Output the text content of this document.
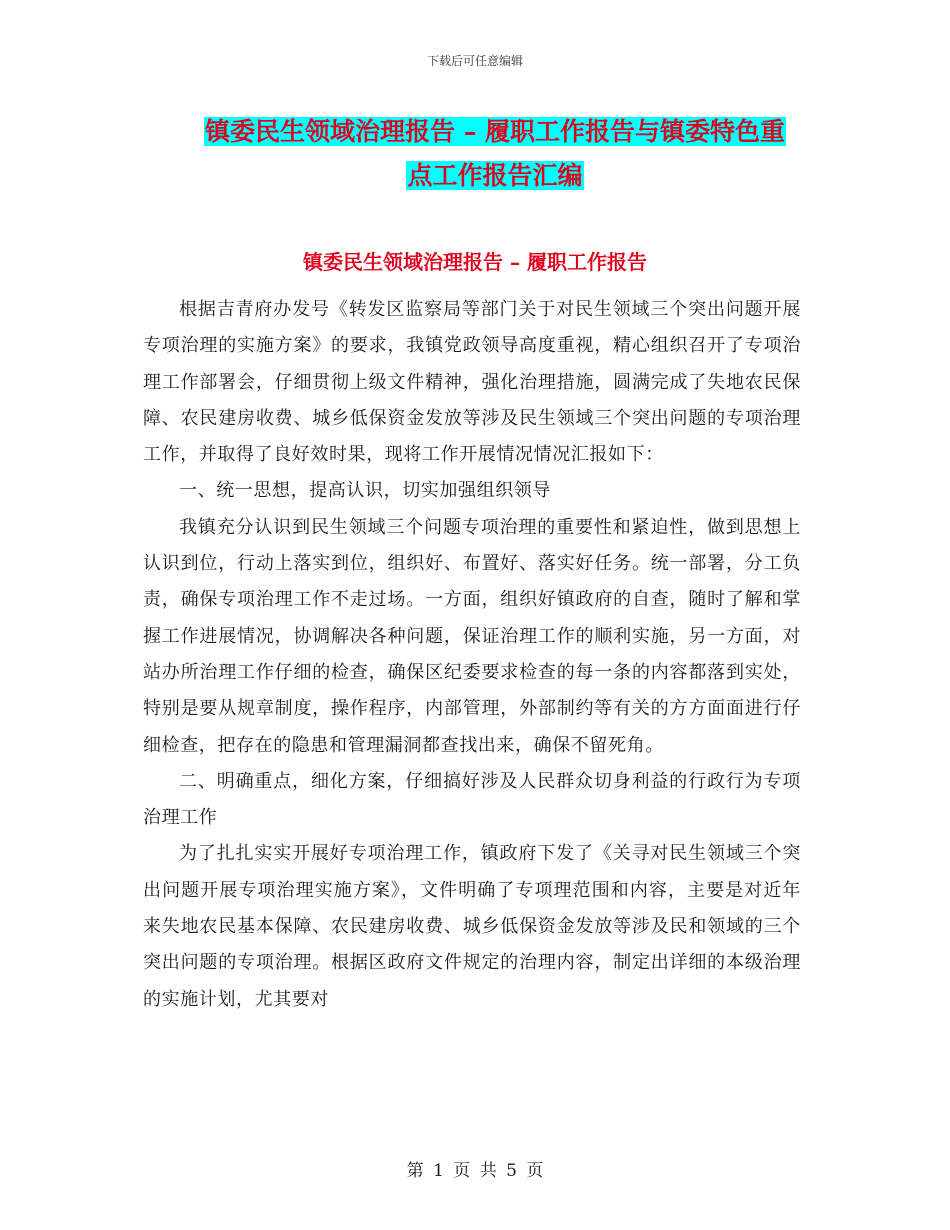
下载后可任意编辑
镇委民生领域治理报告 – 履职工作报告与镇委特色重
点工作报告汇编
镇委民生领域治理报告 – 履职工作报告

根据吉青府办发号《转发区监察局等部门关于对民生领域三个突出问题开展专项治理的实施方案》的要求，我镇党政领导高度重视，精心组织召开了专项治理工作部署会，仔细贯彻上级文件精神，强化治理措施，圆满完成了失地农民保障、农民建房收费、城乡低保资金发放等涉及民生领域三个突出问题的专项治理工作，并取得了良好效时果，现将工作开展情况情况汇报如下：

一、统一思想，提高认识，切实加强组织领导

我镇充分认识到民生领域三个问题专项治理的重要性和紧迫性，做到思想上认识到位，行动上落实到位，组织好、布置好、落实好任务。统一部署，分工负责，确保专项治理工作不走过场。一方面，组织好镇政府的自查，随时了解和掌握工作进展情况，协调解决各种问题，保证治理工作的顺利实施，另一方面，对站办所治理工作仔细的检查，确保区纪委要求检查的每一条的内容都落到实处，特别是要从规章制度，操作程序，内部管理，外部制约等有关的方方面面进行仔细检查，把存在的隐患和管理漏洞都查找出来，确保不留死角。

二、明确重点，细化方案，仔细搞好涉及人民群众切身利益的行政行为专项治理工作

为了扎扎实实开展好专项治理工作，镇政府下发了《关寻对民生领域三个突出问题开展专项治理实施方案》，文件明确了专项理范围和内容，主要是对近年来失地农民基本保障、农民建房收费、城乡低保资金发放等涉及民和领域的三个突出问题的专项治理。根据区政府文件规定的治理内容，制定出详细的本级治理的实施计划，尤其要对

第 1 页 共 5 页
